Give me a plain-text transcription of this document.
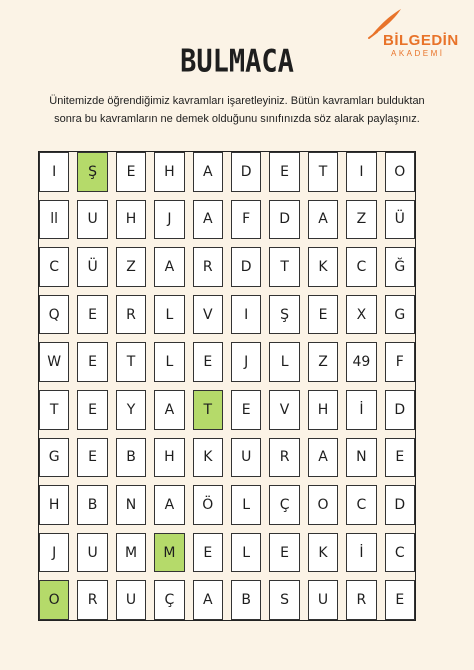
BİLGEDİN
AKADEMİ
BULMACA
Ünitemizde öğrendiğimiz kavramları işaretleyiniz. Bütün kavramları bulduktan sonra bu kavramların ne demek olduğunu sınıfınızda söz alarak paylaşınız.
I	Ş	E	H	A	D	E	T	I	O
ll	U	H	J	A	F	D	A	Z	Ü
C	Ü	Z	A	R	D	T	K	C	Ğ
Q	E	R	L	V	I	Ş	E	X	G
W	E	T	L	E	J	L	Z	49	F
T	E	Y	A	T	E	V	H	İ	D
G	E	B	H	K	U	R	A	N	E
H	B	N	A	Ö	L	Ç	O	C	D
J	U	M	M	E	L	E	K	İ	C
O	R	U	Ç	A	B	S	U	R	E
